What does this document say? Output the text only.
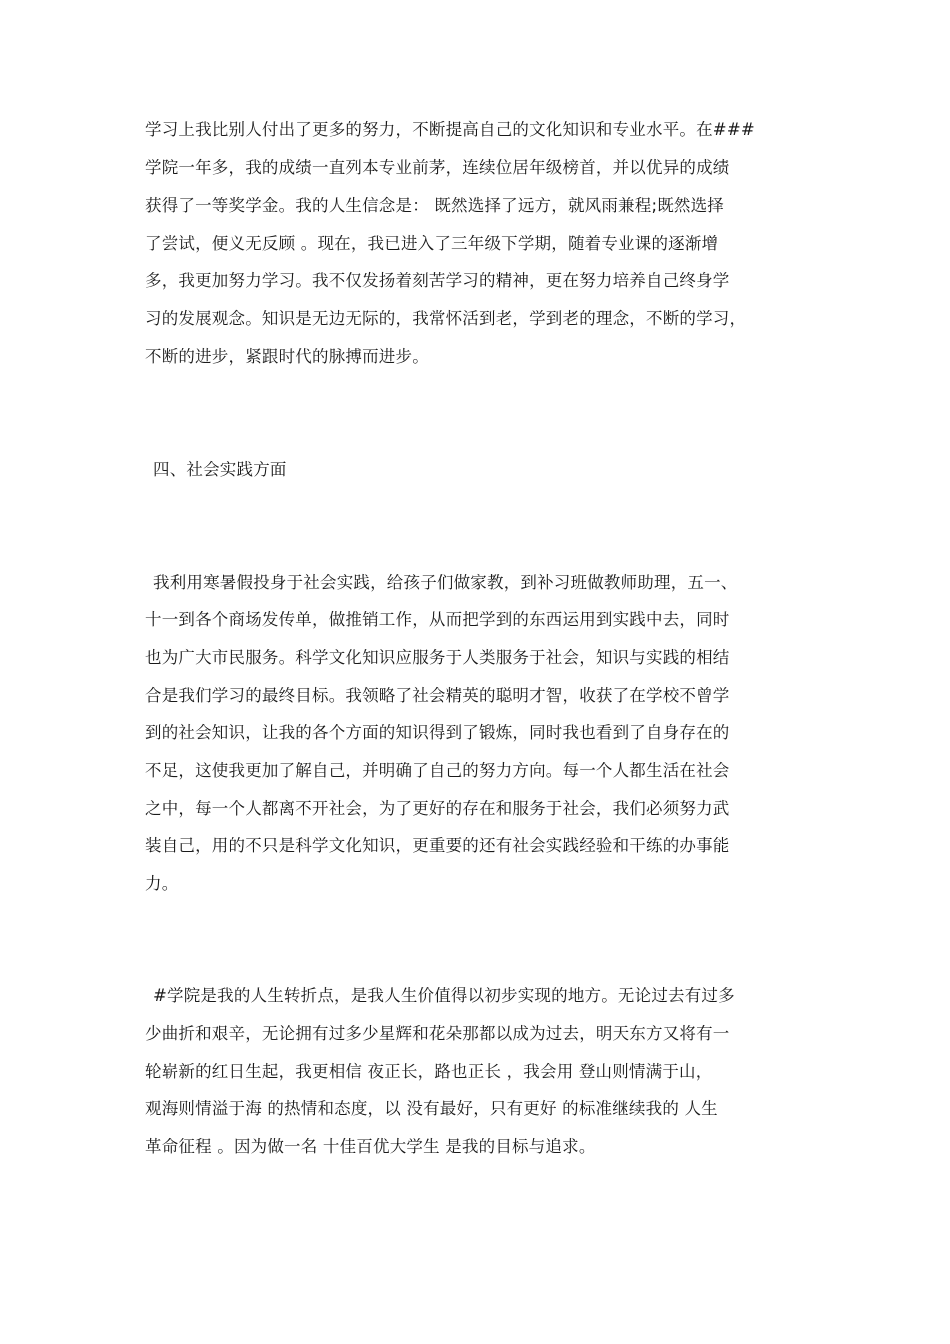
学习上我比别人付出了更多的努力，不断提高自己的文化知识和专业水平。在###
学院一年多，我的成绩一直列本专业前茅，连续位居年级榜首，并以优异的成绩
获得了一等奖学金。我的人生信念是： 既然选择了远方，就风雨兼程;既然选择
了尝试，便义无反顾 。现在，我已进入了三年级下学期，随着专业课的逐渐增
多，我更加努力学习。我不仅发扬着刻苦学习的精神，更在努力培养自己终身学
习的发展观念。知识是无边无际的，我常怀活到老，学到老的理念，不断的学习，
不断的进步，紧跟时代的脉搏而进步。
四、社会实践方面
我利用寒暑假投身于社会实践，给孩子们做家教，到补习班做教师助理，五一、
十一到各个商场发传单，做推销工作，从而把学到的东西运用到实践中去，同时
也为广大市民服务。科学文化知识应服务于人类服务于社会，知识与实践的相结
合是我们学习的最终目标。我领略了社会精英的聪明才智，收获了在学校不曾学
到的社会知识，让我的各个方面的知识得到了锻炼，同时我也看到了自身存在的
不足，这使我更加了解自己，并明确了自己的努力方向。每一个人都生活在社会
之中，每一个人都离不开社会，为了更好的存在和服务于社会，我们必须努力武
装自己，用的不只是科学文化知识，更重要的还有社会实践经验和干练的办事能
力。
#学院是我的人生转折点，是我人生价值得以初步实现的地方。无论过去有过多
少曲折和艰辛，无论拥有过多少星辉和花朵那都以成为过去，明天东方又将有一
轮崭新的红日生起，我更相信 夜正长，路也正长 ，我会用 登山则情满于山，
观海则情溢于海 的热情和态度，以 没有最好，只有更好 的标准继续我的 人生
革命征程 。因为做一名 十佳百优大学生 是我的目标与追求。
